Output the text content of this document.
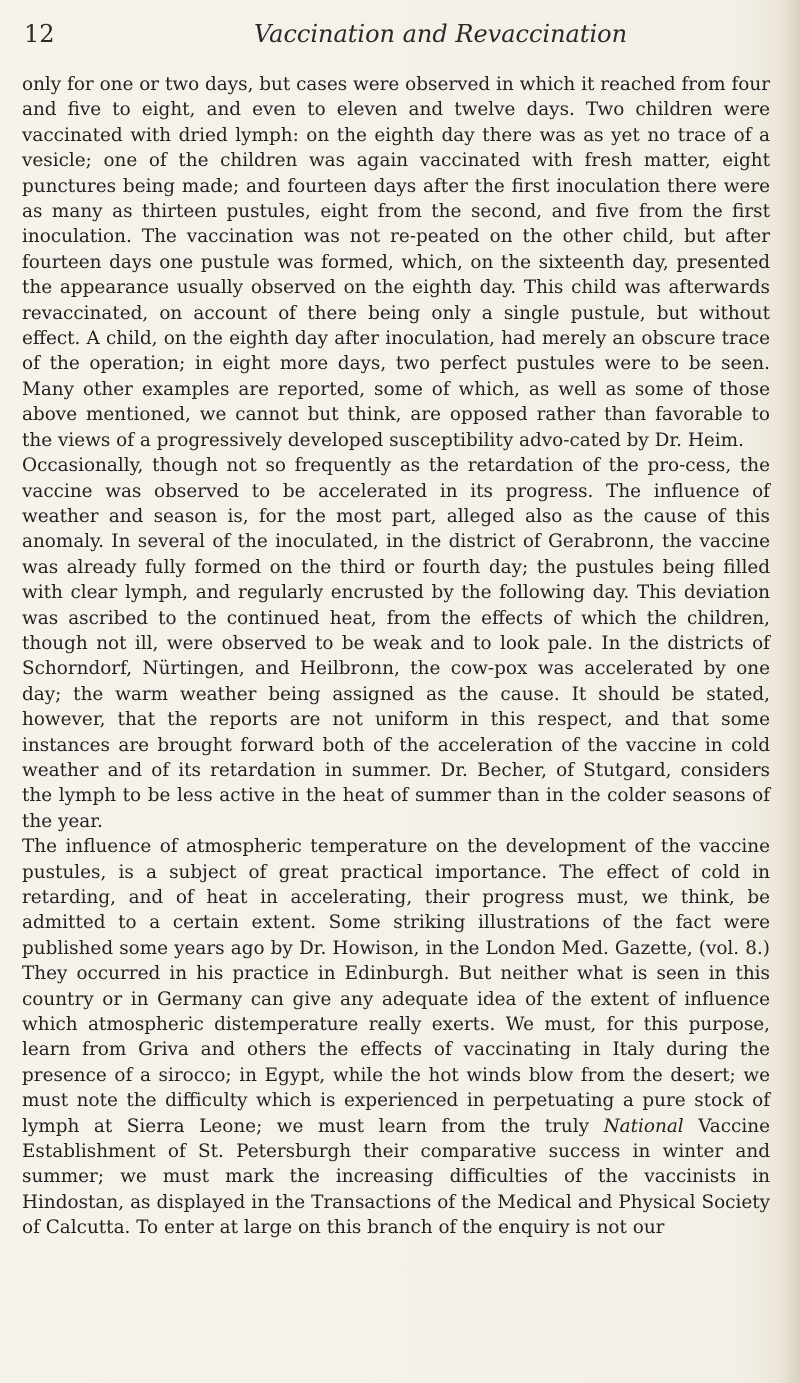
12	Vaccination and Revaccination

only for one or two days, but cases were observed in which it reached from four and five to eight, and even to eleven and twelve days. Two children were vaccinated with dried lymph: on the eighth day there was as yet no trace of a vesicle; one of the children was again vaccinated with fresh matter, eight punctures being made; and fourteen days after the first inoculation there were as many as thirteen pustules, eight from the second, and five from the first inoculation. The vaccination was not re-peated on the other child, but after fourteen days one pustule was formed, which, on the sixteenth day, presented the appearance usually observed on the eighth day. This child was afterwards revaccinated, on account of there being only a single pustule, but without effect. A child, on the eighth day after inoculation, had merely an obscure trace of the operation; in eight more days, two perfect pustules were to be seen. Many other examples are reported, some of which, as well as some of those above mentioned, we cannot but think, are opposed rather than favorable to the views of a progressively developed susceptibility advo-cated by Dr. Heim.

Occasionally, though not so frequently as the retardation of the pro-cess, the vaccine was observed to be accelerated in its progress. The influence of weather and season is, for the most part, alleged also as the cause of this anomaly. In several of the inoculated, in the district of Gerabronn, the vaccine was already fully formed on the third or fourth day; the pustules being filled with clear lymph, and regularly encrusted by the following day. This deviation was ascribed to the continued heat, from the effects of which the children, though not ill, were observed to be weak and to look pale. In the districts of Schorndorf, Nürtingen, and Heilbronn, the cow-pox was accelerated by one day; the warm weather being assigned as the cause. It should be stated, however, that the reports are not uniform in this respect, and that some instances are brought forward both of the acceleration of the vaccine in cold weather and of its retardation in summer. Dr. Becher, of Stutgard, considers the lymph to be less active in the heat of summer than in the colder seasons of the year.

The influence of atmospheric temperature on the development of the vaccine pustules, is a subject of great practical importance. The effect of cold in retarding, and of heat in accelerating, their progress must, we think, be admitted to a certain extent. Some striking illustrations of the fact were published some years ago by Dr. Howison, in the London Med. Gazette, (vol. 8.) They occurred in his practice in Edinburgh. But neither what is seen in this country or in Germany can give any adequate idea of the extent of influence which atmospheric distemperature really exerts. We must, for this purpose, learn from Griva and others the effects of vaccinating in Italy during the presence of a sirocco; in Egypt, while the hot winds blow from the desert; we must note the difficulty which is experienced in perpetuating a pure stock of lymph at Sierra Leone; we must learn from the truly National Vaccine Establishment of St. Petersburgh their comparative success in winter and summer; we must mark the increasing difficulties of the vaccinists in Hindostan, as displayed in the Transactions of the Medical and Physical Society of Calcutta. To enter at large on this branch of the enquiry is not our
